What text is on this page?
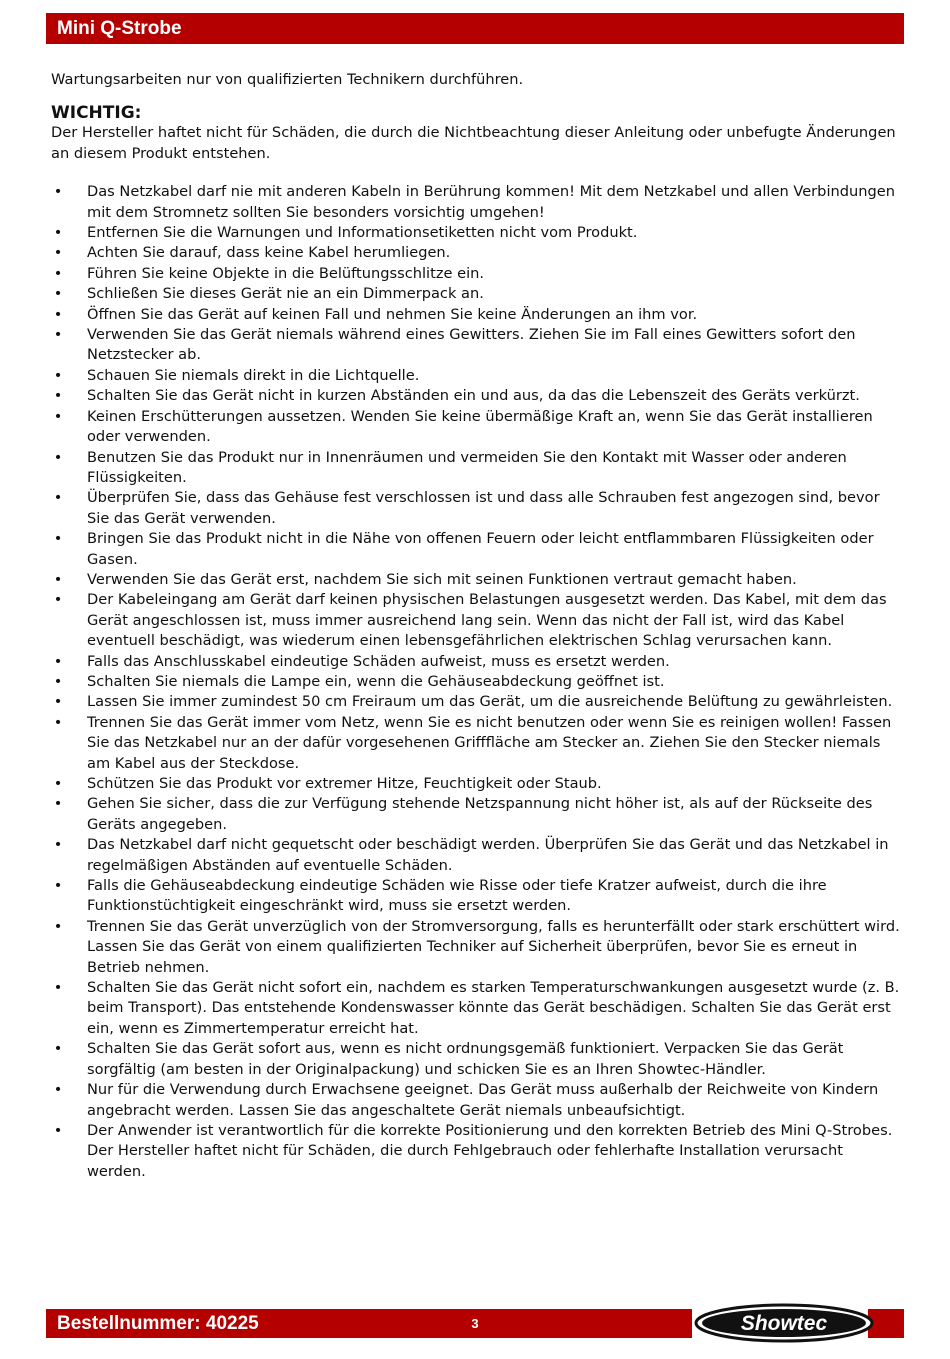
Mini Q-Strobe

Wartungsarbeiten nur von qualifizierten Technikern durchführen.

WICHTIG:

Der Hersteller haftet nicht für Schäden, die durch die Nichtbeachtung dieser Anleitung oder unbefugte Änderungen an diesem Produkt entstehen.

• Das Netzkabel darf nie mit anderen Kabeln in Berührung kommen! Mit dem Netzkabel und allen Verbindungen mit dem Stromnetz sollten Sie besonders vorsichtig umgehen!
• Entfernen Sie die Warnungen und Informationsetiketten nicht vom Produkt.
• Achten Sie darauf, dass keine Kabel herumliegen.
• Führen Sie keine Objekte in die Belüftungsschlitze ein.
• Schließen Sie dieses Gerät nie an ein Dimmerpack an.
• Öffnen Sie das Gerät auf keinen Fall und nehmen Sie keine Änderungen an ihm vor.
• Verwenden Sie das Gerät niemals während eines Gewitters. Ziehen Sie im Fall eines Gewitters sofort den Netzstecker ab.
• Schauen Sie niemals direkt in die Lichtquelle.
• Schalten Sie das Gerät nicht in kurzen Abständen ein und aus, da das die Lebenszeit des Geräts verkürzt.
• Keinen Erschütterungen aussetzen. Wenden Sie keine übermäßige Kraft an, wenn Sie das Gerät installieren oder verwenden.
• Benutzen Sie das Produkt nur in Innenräumen und vermeiden Sie den Kontakt mit Wasser oder anderen Flüssigkeiten.
• Überprüfen Sie, dass das Gehäuse fest verschlossen ist und dass alle Schrauben fest angezogen sind, bevor Sie das Gerät verwenden.
• Bringen Sie das Produkt nicht in die Nähe von offenen Feuern oder leicht entflammbaren Flüssigkeiten oder Gasen.
• Verwenden Sie das Gerät erst, nachdem Sie sich mit seinen Funktionen vertraut gemacht haben.
• Der Kabeleingang am Gerät darf keinen physischen Belastungen ausgesetzt werden. Das Kabel, mit dem das Gerät angeschlossen ist, muss immer ausreichend lang sein. Wenn das nicht der Fall ist, wird das Kabel eventuell beschädigt, was wiederum einen lebensgefährlichen elektrischen Schlag verursachen kann.
• Falls das Anschlusskabel eindeutige Schäden aufweist, muss es ersetzt werden.
• Schalten Sie niemals die Lampe ein, wenn die Gehäuseabdeckung geöffnet ist.
• Lassen Sie immer zumindest 50 cm Freiraum um das Gerät, um die ausreichende Belüftung zu gewährleisten.
• Trennen Sie das Gerät immer vom Netz, wenn Sie es nicht benutzen oder wenn Sie es reinigen wollen! Fassen Sie das Netzkabel nur an der dafür vorgesehenen Grifffläche am Stecker an. Ziehen Sie den Stecker niemals am Kabel aus der Steckdose.
• Schützen Sie das Produkt vor extremer Hitze, Feuchtigkeit oder Staub.
• Gehen Sie sicher, dass die zur Verfügung stehende Netzspannung nicht höher ist, als auf der Rückseite des Geräts angegeben.
• Das Netzkabel darf nicht gequetscht oder beschädigt werden. Überprüfen Sie das Gerät und das Netzkabel in regelmäßigen Abständen auf eventuelle Schäden.
• Falls die Gehäuseabdeckung eindeutige Schäden wie Risse oder tiefe Kratzer aufweist, durch die ihre Funktionstüchtigkeit eingeschränkt wird, muss sie ersetzt werden.
• Trennen Sie das Gerät unverzüglich von der Stromversorgung, falls es herunterfällt oder stark erschüttert wird. Lassen Sie das Gerät von einem qualifizierten Techniker auf Sicherheit überprüfen, bevor Sie es erneut in Betrieb nehmen.
• Schalten Sie das Gerät nicht sofort ein, nachdem es starken Temperaturschwankungen ausgesetzt wurde (z. B. beim Transport). Das entstehende Kondenswasser könnte das Gerät beschädigen. Schalten Sie das Gerät erst ein, wenn es Zimmertemperatur erreicht hat.
• Schalten Sie das Gerät sofort aus, wenn es nicht ordnungsgemäß funktioniert. Verpacken Sie das Gerät sorgfältig (am besten in der Originalpackung) und schicken Sie es an Ihren Showtec-Händler.
• Nur für die Verwendung durch Erwachsene geeignet. Das Gerät muss außerhalb der Reichweite von Kindern angebracht werden. Lassen Sie das angeschaltete Gerät niemals unbeaufsichtigt.
• Der Anwender ist verantwortlich für die korrekte Positionierung und den korrekten Betrieb des Mini Q-Strobes. Der Hersteller haftet nicht für Schäden, die durch Fehlgebrauch oder fehlerhafte Installation verursacht werden.
Bestellnummer: 40225	3	Showtec
